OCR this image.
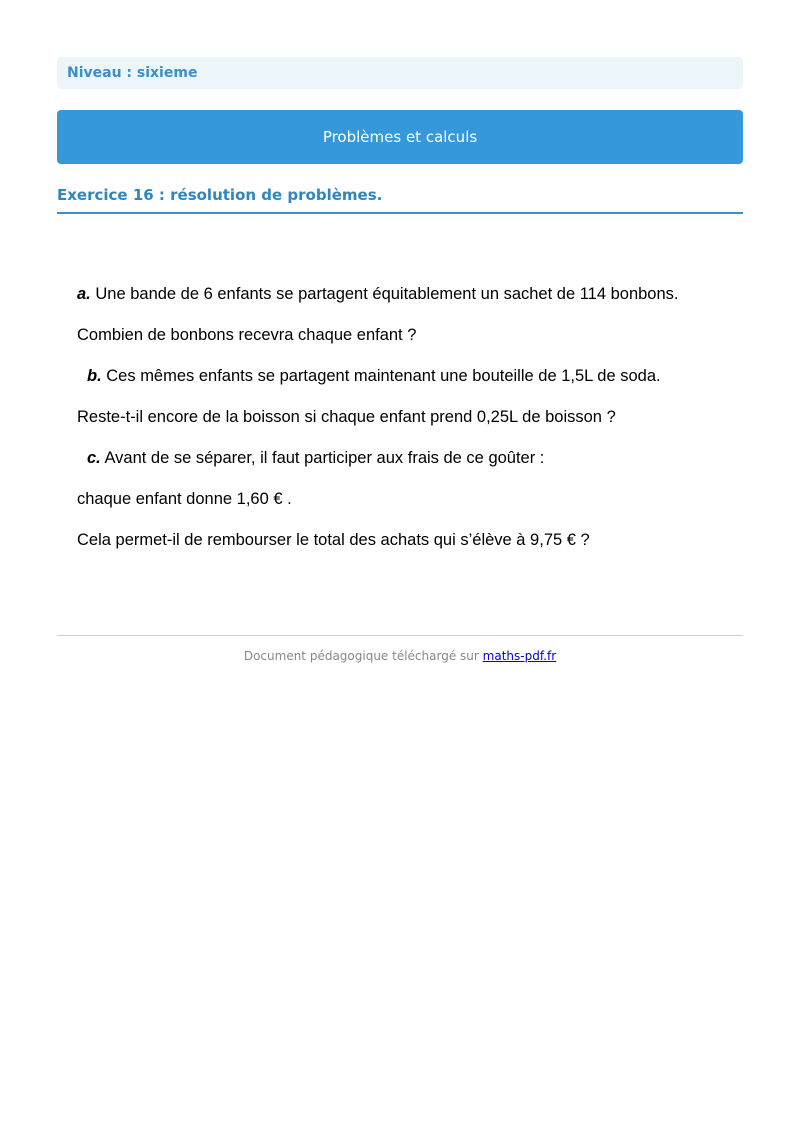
Niveau : sixieme
Problèmes et calculs
Exercice 16 : résolution de problèmes.

a. Une bande de 6 enfants se partagent équitablement un sachet de 114 bonbons.

Combien de bonbons recevra chaque enfant ?

b. Ces mêmes enfants se partagent maintenant une bouteille de 1,5L de soda.

Reste-t-il encore de la boisson si chaque enfant prend 0,25L de boisson ?

c. Avant de se séparer, il faut participer aux frais de ce goûter :

chaque enfant donne 1,60 € .

Cela permet-il de rembourser le total des achats qui s’élève à 9,75 € ?

Document pédagogique téléchargé sur maths-pdf.fr
